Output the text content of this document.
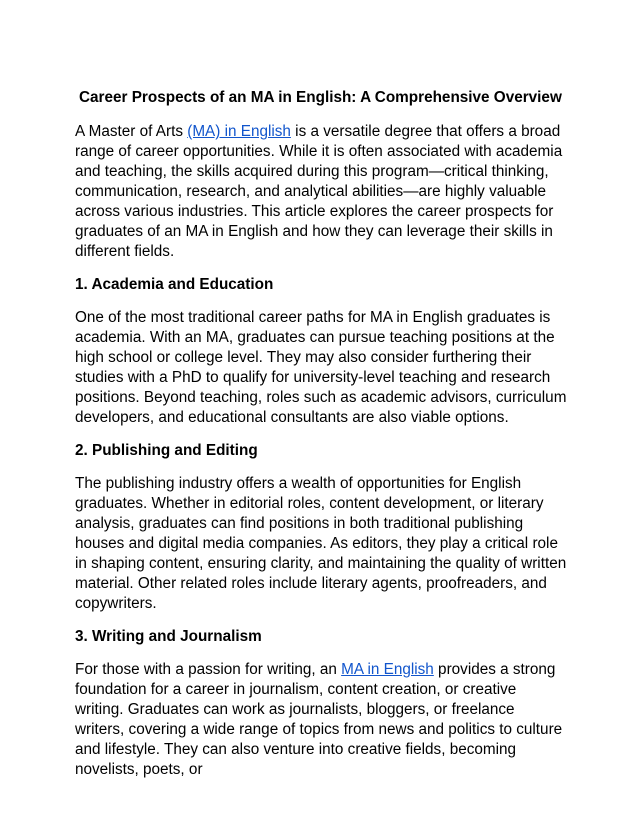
Career Prospects of an MA in English: A Comprehensive Overview

A Master of Arts (MA) in English is a versatile degree that offers a broad range of career opportunities. While it is often associated with academia and teaching, the skills acquired during this program—critical thinking, communication, research, and analytical abilities—are highly valuable across various industries. This article explores the career prospects for graduates of an MA in English and how they can leverage their skills in different fields.

1. Academia and Education

One of the most traditional career paths for MA in English graduates is academia. With an MA, graduates can pursue teaching positions at the high school or college level. They may also consider furthering their studies with a PhD to qualify for university-level teaching and research positions. Beyond teaching, roles such as academic advisors, curriculum developers, and educational consultants are also viable options.

2. Publishing and Editing

The publishing industry offers a wealth of opportunities for English graduates. Whether in editorial roles, content development, or literary analysis, graduates can find positions in both traditional publishing houses and digital media companies. As editors, they play a critical role in shaping content, ensuring clarity, and maintaining the quality of written material. Other related roles include literary agents, proofreaders, and copywriters.

3. Writing and Journalism

For those with a passion for writing, an MA in English provides a strong foundation for a career in journalism, content creation, or creative writing. Graduates can work as journalists, bloggers, or freelance writers, covering a wide range of topics from news and politics to culture and lifestyle. They can also venture into creative fields, becoming novelists, poets, or
